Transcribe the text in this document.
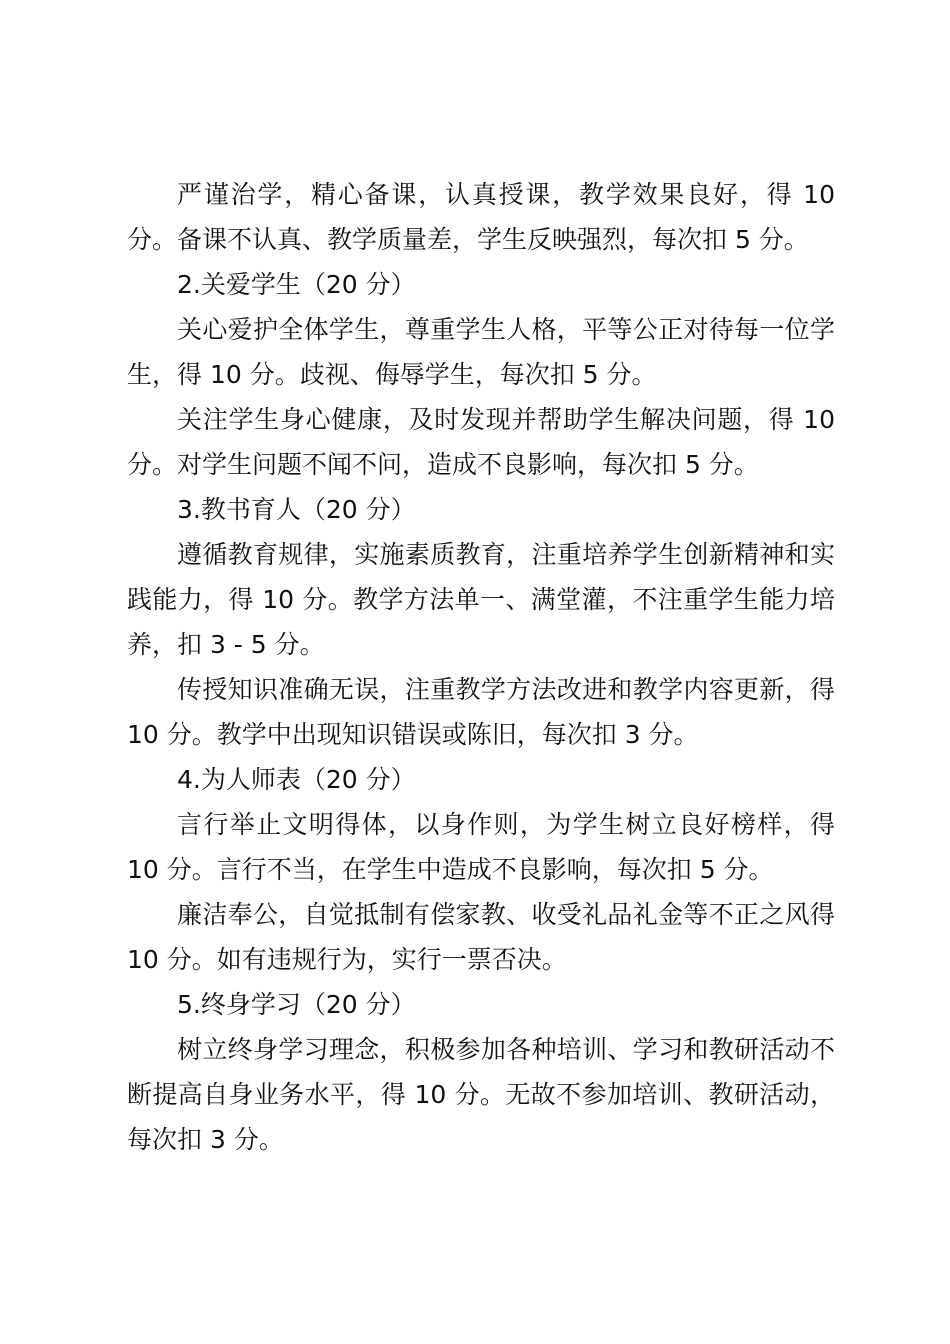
严谨治学，精心备课，认真授课，教学效果良好，得 10 分。备课不认真、教学质量差，学生反映强烈，每次扣 5 分。

2.关爱学生（20 分）

关心爱护全体学生，尊重学生人格，平等公正对待每一位学生，得 10 分。歧视、侮辱学生，每次扣 5 分。

关注学生身心健康，及时发现并帮助学生解决问题，得 10 分。对学生问题不闻不问，造成不良影响，每次扣 5 分。

3.教书育人（20 分）

遵循教育规律，实施素质教育，注重培养学生创新精神和实践能力，得 10 分。教学方法单一、满堂灌，不注重学生能力培养，扣 3 - 5 分。

传授知识准确无误，注重教学方法改进和教学内容更新，得 10 分。教学中出现知识错误或陈旧，每次扣 3 分。

4.为人师表（20 分）

言行举止文明得体，以身作则，为学生树立良好榜样，得 10 分。言行不当，在学生中造成不良影响，每次扣 5 分。

廉洁奉公，自觉抵制有偿家教、收受礼品礼金等不正之风得 10 分。如有违规行为，实行一票否决。

5.终身学习（20 分）

树立终身学习理念，积极参加各种培训、学习和教研活动不断提高自身业务水平，得 10 分。无故不参加培训、教研活动，每次扣 3 分。
